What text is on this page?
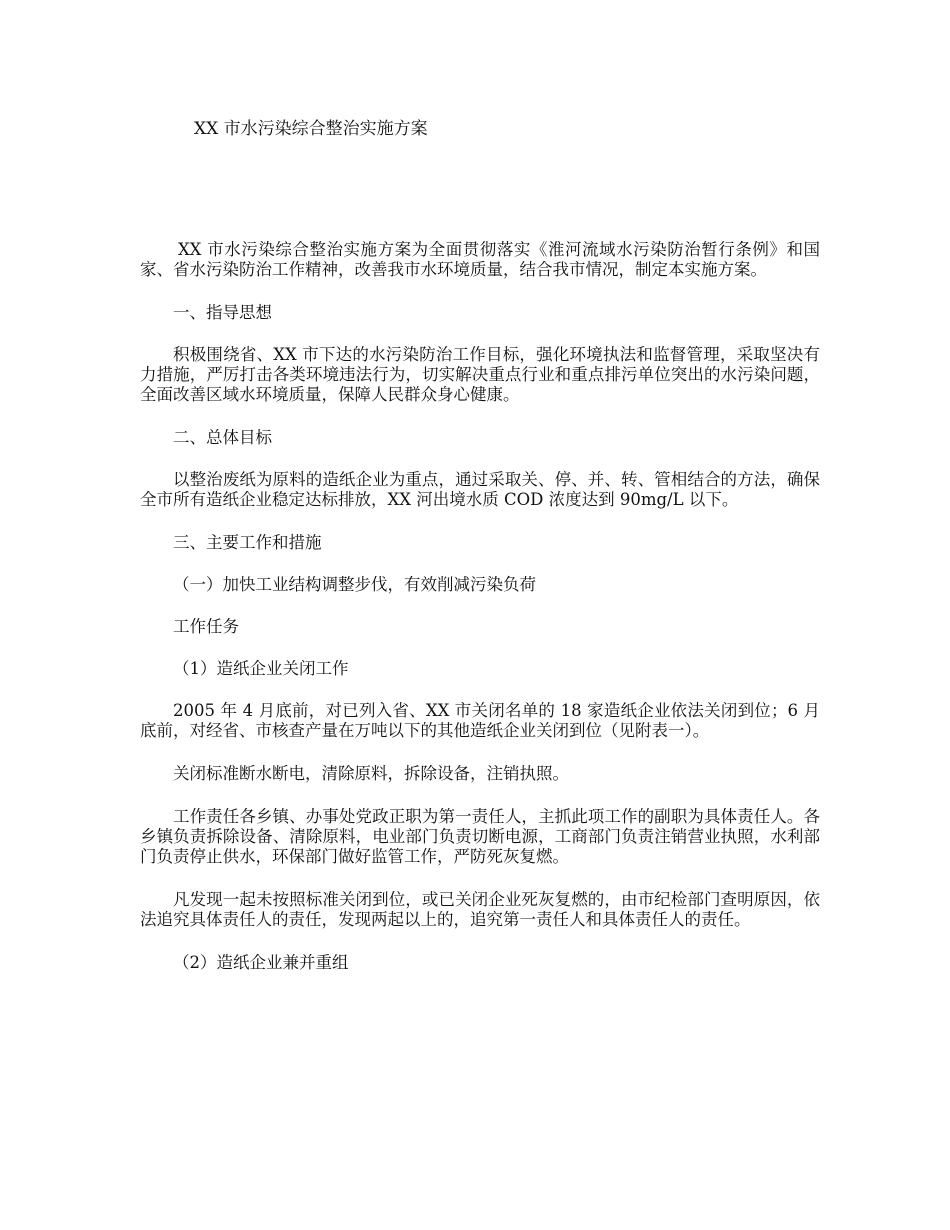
XX 市水污染综合整治实施方案

XX 市水污染综合整治实施方案为全面贯彻落实《淮河流域水污染防治暂行条例》和国家、省水污染防治工作精神，改善我市水环境质量，结合我市情况，制定本实施方案。

一、指导思想

积极围绕省、XX 市下达的水污染防治工作目标，强化环境执法和监督管理，采取坚决有力措施，严厉打击各类环境违法行为，切实解决重点行业和重点排污单位突出的水污染问题，全面改善区域水环境质量，保障人民群众身心健康。

二、总体目标

以整治废纸为原料的造纸企业为重点，通过采取关、停、并、转、管相结合的方法，确保全市所有造纸企业稳定达标排放，XX 河出境水质 COD 浓度达到 90mg/L 以下。

三、主要工作和措施

（一）加快工业结构调整步伐，有效削减污染负荷

工作任务

（1）造纸企业关闭工作

2005 年 4 月底前，对已列入省、XX 市关闭名单的 18 家造纸企业依法关闭到位；6 月底前，对经省、市核查产量在万吨以下的其他造纸企业关闭到位（见附表一）。

关闭标准断水断电，清除原料，拆除设备，注销执照。

工作责任各乡镇、办事处党政正职为第一责任人，主抓此项工作的副职为具体责任人。各乡镇负责拆除设备、清除原料，电业部门负责切断电源，工商部门负责注销营业执照，水利部门负责停止供水，环保部门做好监管工作，严防死灰复燃。

凡发现一起未按照标准关闭到位，或已关闭企业死灰复燃的，由市纪检部门查明原因，依法追究具体责任人的责任，发现两起以上的，追究第一责任人和具体责任人的责任。

（2）造纸企业兼并重组
